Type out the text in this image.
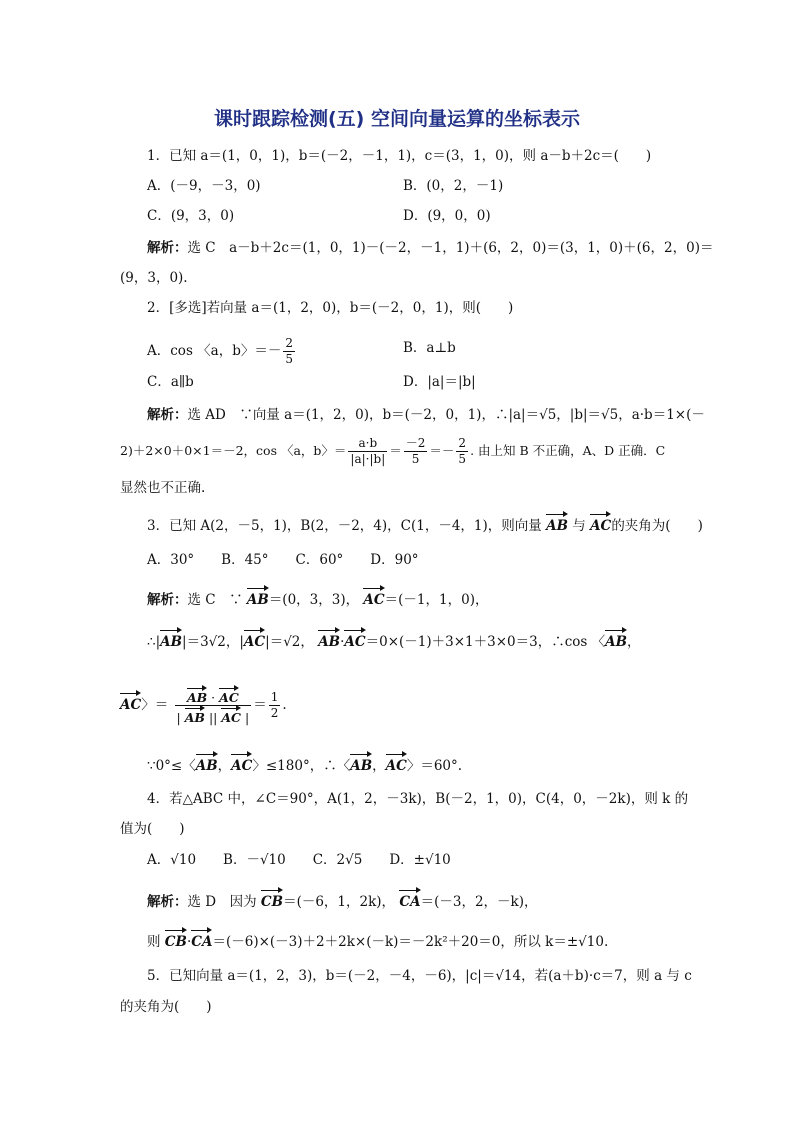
课时跟踪检测(五) 空间向量运算的坐标表示
1．已知 a＝(1，0，1)，b＝(－2，－1，1)，c＝(3，1，0)，则 a－b＋2c＝(　　)
A．(－9，－3，0)	B．(0，2，－1)
C．(9，3，0)	D．(9，0，0)
解析：选 C　a－b＋2c＝(1，0，1)－(－2，－1，1)＋(6，2，0)＝(3，1，0)＋(6，2，0)＝
(9，3，0).
2．[多选]若向量 a＝(1，2，0)，b＝(－2，0，1)，则(　　)
A．cos 〈a，b〉＝－ $\frac{2}{5}$	B．a⊥b
C．a∥b	D．|a|＝|b|
解析：选 AD　∵向量 a＝(1，2，0)，b＝(－2，0，1)，∴|a|＝√5，|b|＝√5，a·b＝1×(－
2)＋2×0＋0×1＝－2，cos 〈a，b〉＝ $\frac{a\cdot b}{|a|\cdot|b|} = \frac{-2}{5} =- \frac{2}{5}$ . 由上知 B 不正确，A、D 正确．C
显然也不正确.
3．已知 A(2，－5，1)，B(2，－2，4)，C(1，－4，1)，则向量 AB 与 AC的夹角为(　　)
A．30°　　B．45°　　C．60°　　D．90°
解析：选 C　∵ AB＝(0，3，3)， AC＝(－1，1，0)，
∴|AB|＝3√2，|AC|＝√2， AB·AC＝0×(－1)＋3×1＋3×0＝3，∴cos 〈AB，
AC〉＝ $\frac{AB \cdot AC}{| AB || AC |} = \frac{1}{2}$ .
∵0°≤〈AB，AC〉≤180°，∴〈AB，AC〉＝60°.
4．若△ABC 中，∠C＝90°，A(1，2，－3k)，B(－2，1，0)，C(4，0，－2k)，则 k 的
值为(　　)
A．√10　　B．－√10　　C．2√5　　D．±√10
解析：选 D　因为 CB＝(－6，1，2k)， CA＝(－3，2，－k)，
则 CB·CA＝(－6)×(－3)＋2＋2k×(－k)＝－2k²＋20＝0，所以 k＝±√10.
5．已知向量 a＝(1，2，3)，b＝(－2，－4，－6)，|c|＝√14，若(a＋b)·c＝7，则 a 与 c
的夹角为(　　)
